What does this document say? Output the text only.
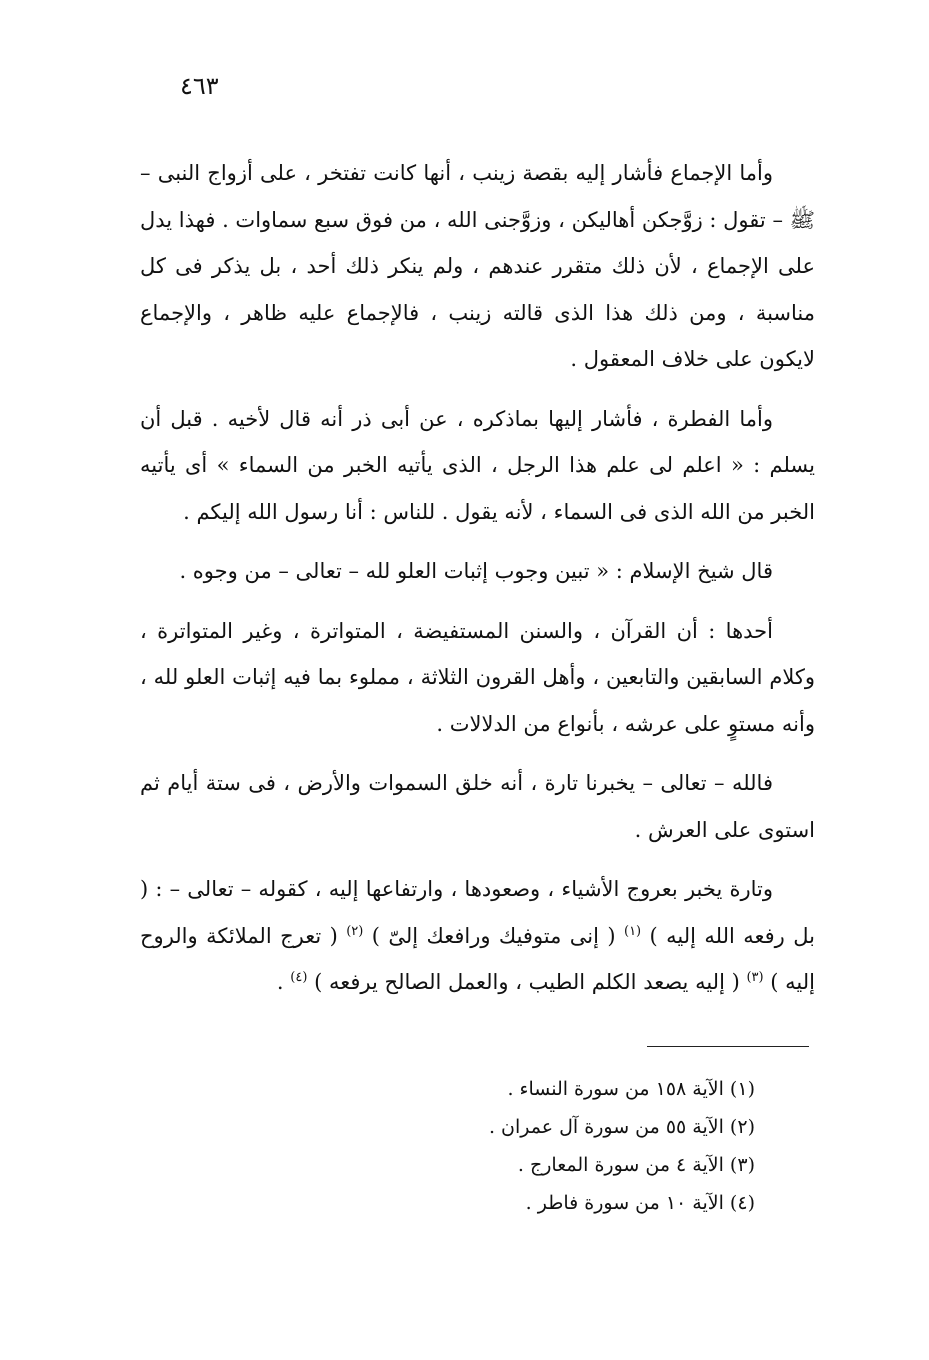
٤٦٣

وأما الإجماع فأشار إليه بقصة زينب ، أنها كانت تفتخر ، على أزواج النبى – ﷺ – تقول : زوَّجكن أهاليكن ، وزوَّجنى الله ، من فوق سبع سماوات . فهذا يدل على الإجماع ، لأن ذلك متقرر عندهم ، ولم ينكر ذلك أحد ، بل يذكر فى كل مناسبة ، ومن ذلك هذا الذى قالته زينب ، فالإجماع عليه ظاهر ، والإجماع لايكون على خلاف المعقول .

وأما الفطرة ، فأشار إليها بماذكره ، عن أبى ذر أنه قال لأخيه . قبل أن يسلم : « اعلم لى علم هذا الرجل ، الذى يأتيه الخبر من السماء » أى يأتيه الخبر من الله الذى فى السماء ، لأنه يقول . للناس : أنا رسول الله إليكم .

قال شيخ الإسلام : « تبين وجوب إثبات العلو لله – تعالى – من وجوه .

أحدها : أن القرآن ، والسنن المستفيضة ، المتواترة ، وغير المتواترة ، وكلام السابقين والتابعين ، وأهل القرون الثلاثة ، مملوء بما فيه إثبات العلو لله ، وأنه مستوٍ على عرشه ، بأنواع من الدلالات .

فالله – تعالى – يخبرنا تارة ، أنه خلق السموات والأرض ، فى ستة أيام ثم استوى على العرش .

وتارة يخبر بعروج الأشياء ، وصعودها ، وارتفاعها إليه ، كقوله – تعالى – : ( بل رفعه الله إليه ) $^{(١)}$ ( إنى متوفيك ورافعك إلىّ ) $^{(٢)}$ ( تعرج الملائكة والروح إليه ) $^{(٣)}$ ( إليه يصعد الكلم الطيب ، والعمل الصالح يرفعه ) $^{(٤)}$ .

(١) الآية ١٥٨ من سورة النساء .
(٢) الآية ٥٥ من سورة آل عمران .
(٣) الآية ٤ من سورة المعارج .
(٤) الآية ١٠ من سورة فاطر .
